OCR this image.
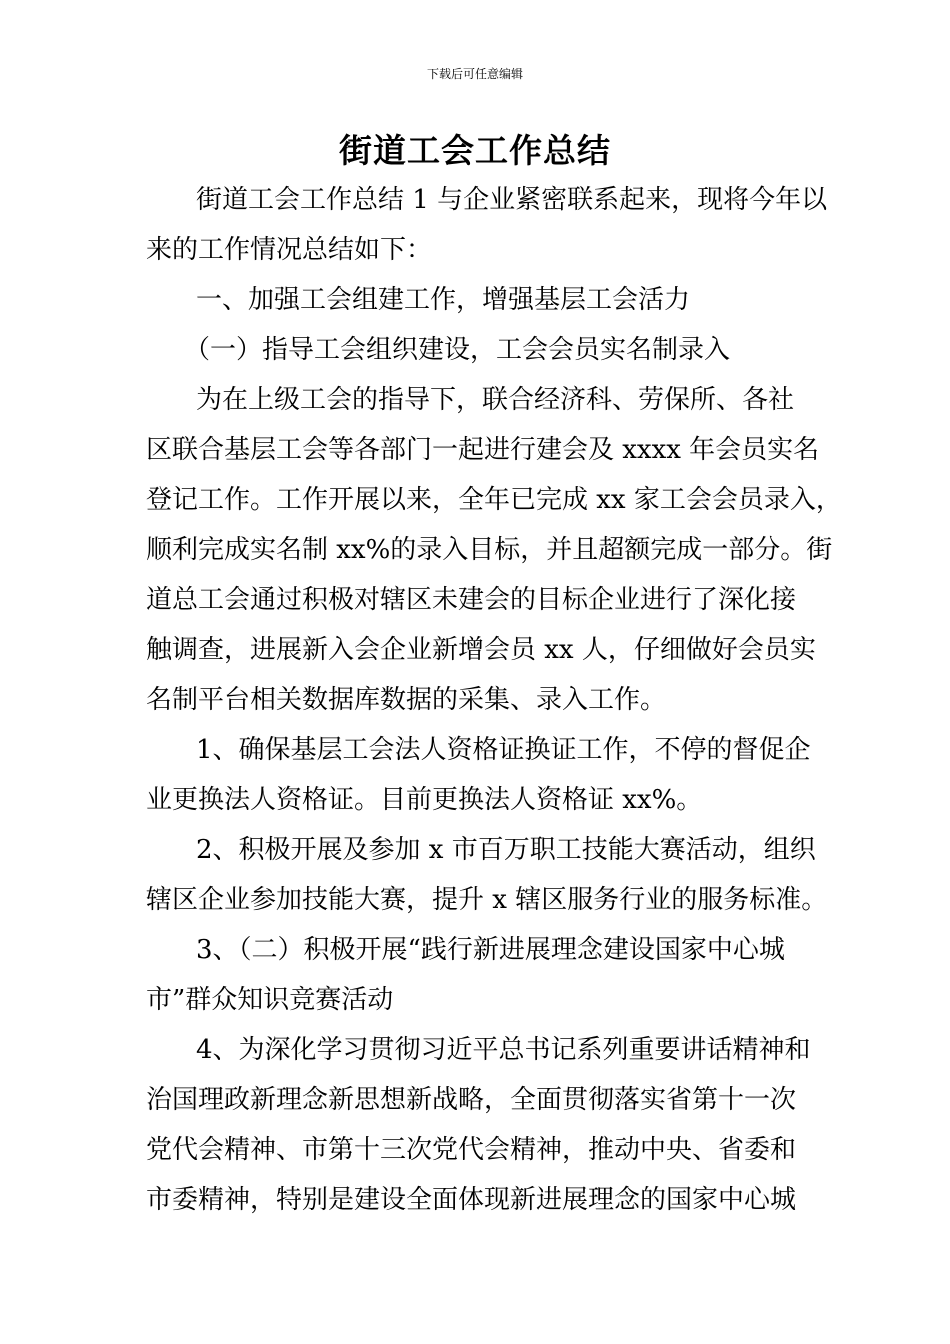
下载后可任意编辑
街道工会工作总结
街道工会工作总结 1 与企业紧密联系起来，现将今年以
来的工作情况总结如下：
一、加强工会组建工作，增强基层工会活力
（一）指导工会组织建设，工会会员实名制录入
为在上级工会的指导下，联合经济科、劳保所、各社
区联合基层工会等各部门一起进行建会及 xxxx 年会员实名
登记工作。工作开展以来，全年已完成 xx 家工会会员录入，
顺利完成实名制 xx%的录入目标，并且超额完成一部分。街
道总工会通过积极对辖区未建会的目标企业进行了深化接
触调查，进展新入会企业新增会员 xx 人，仔细做好会员实
名制平台相关数据库数据的采集、录入工作。
1、确保基层工会法人资格证换证工作，不停的督促企
业更换法人资格证。目前更换法人资格证 xx%。
2、积极开展及参加 x 市百万职工技能大赛活动，组织
辖区企业参加技能大赛，提升 x 辖区服务行业的服务标准。
3、（二）积极开展“践行新进展理念建设国家中心城
市”群众知识竞赛活动
4、为深化学习贯彻习近平总书记系列重要讲话精神和
治国理政新理念新思想新战略，全面贯彻落实省第十一次
党代会精神、市第十三次党代会精神，推动中央、省委和
市委精神，特别是建设全面体现新进展理念的国家中心城
